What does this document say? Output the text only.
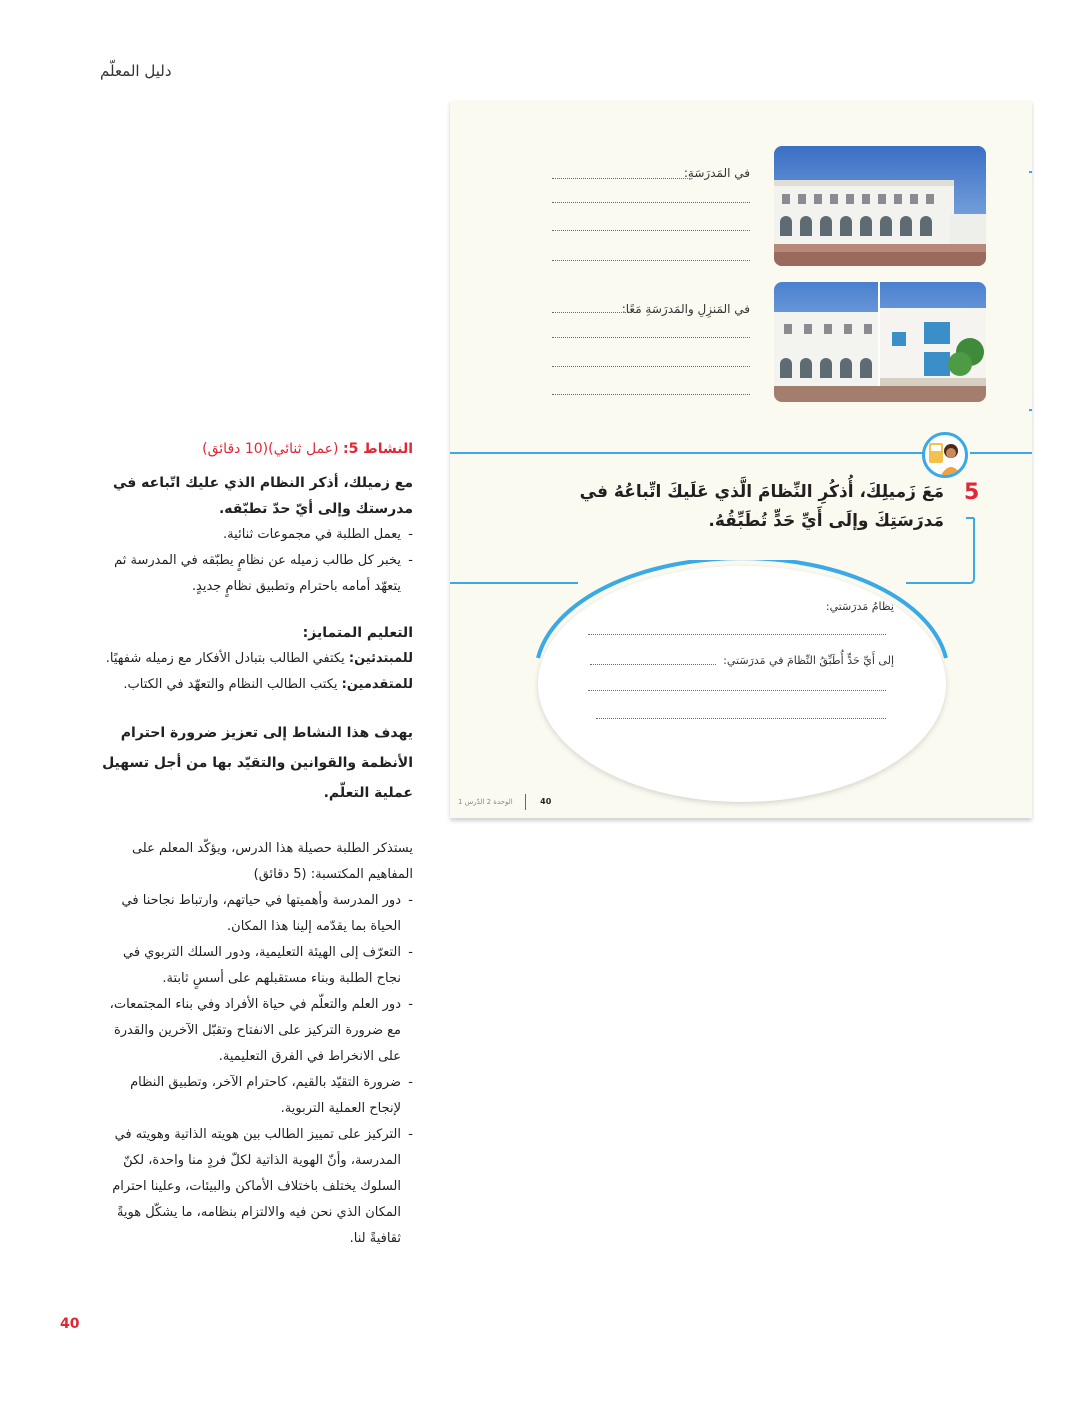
دليل المعلّم
في المَدرَسَةِ:
في المَنزِلِ والمَدرَسَةِ مَعًا:
5
مَعَ زَميلِكَ، أُذكُرِ النِّظامَ الَّذي عَلَيكَ اتِّباعُهُ في مَدرَسَتِكَ وإلَى أَيِّ حَدٍّ تُطَبِّقُهُ.
نِظامُ مَدرَسَتي:
إلى أَيِّ حَدٍّ أُطَبِّقُ النِّظامَ في مَدرَسَتي:
40  الوحدة 2 الدّرس 1
النشاط 5: (عمل ثنائي)(10 دقائق)
مع زميلك، أذكر النظام الذي عليك اتّباعه في مدرستك وإلى أيّ حدّ تطبّقه.
- يعمل الطلبة في مجموعات ثنائية.
- يخبر كل طالب زميله عن نظامٍ يطبّقه في المدرسة ثم يتعهّد أمامه باحترام وتطبيق نظامٍ جديدٍ.
التعليم المتمايز:
للمبتدئين: يكتفي الطالب بتبادل الأفكار مع زميله شفهيًا.
للمتقدمين: يكتب الطالب النظام والتعهّد في الكتاب.
يهدف هذا النشاط إلى تعزيز ضرورة احترام الأنظمة والقوانين والتقيّد بها من أجل تسهيل عملية التعلّم.
يستذكر الطلبة حصيلة هذا الدرس، ويؤكّد المعلم على المفاهيم المكتسبة: (5 دقائق)
- دور المدرسة وأهميتها في حياتهم، وارتباط نجاحنا في الحياة بما يقدّمه إلينا هذا المكان.
- التعرّف إلى الهيئة التعليمية، ودور السلك التربوي في نجاح الطلبة وبناء مستقبلهم على أسسٍ ثابتة.
- دور العلم والتعلّم في حياة الأفراد وفي بناء المجتمعات، مع ضرورة التركيز على الانفتاح وتقبّل الآخرين والقدرة على الانخراط في الفرق التعليمية.
- ضرورة التقيّد بالقيم، كاحترام الآخر، وتطبيق النظام لإنجاح العملية التربوية.
- التركيز على تمييز الطالب بين هويته الذاتية وهويته في المدرسة، وأنّ الهوية الذاتية لكلّ فردٍ منا واحدة، لكنّ السلوك يختلف باختلاف الأماكن والبيئات، وعلينا احترام المكان الذي نحن فيه والالتزام بنظامه، ما يشكّل هويةً ثقافيةً لنا.
40
